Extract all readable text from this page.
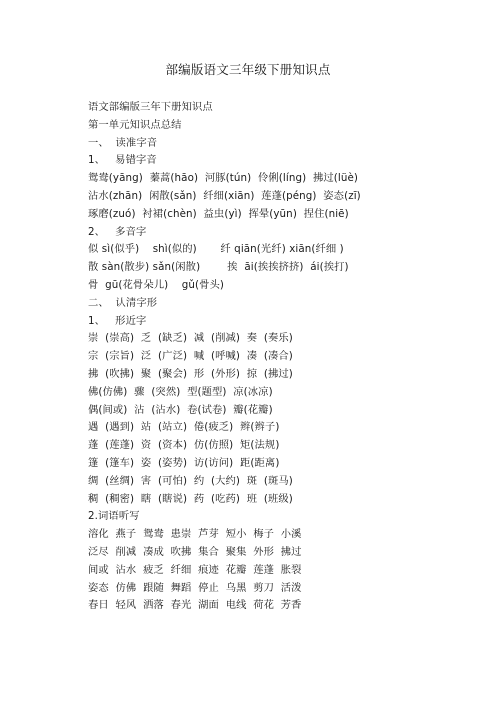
部编版语文三年级下册知识点
语文部编版三年下册知识点
第一单元知识点总结
一、  读准字音
1、   易错字音
鸳鸯(yāng)  蓁蒿(hāo)  河豚(tún)  伶俐(líng)  拂过(lüè)
沾水(zhān)  闲散(sǎn)  纤细(xiān)  莲蓬(péng)  姿态(zī)
琢磨(zuó)  衬裙(chèn)  益虫(yì)  挥晕(yūn)  捏住(niē)
2、   多音字
似 sì(似乎)    shì(似的)       纤 qiān(光纤) xiān(纤细 )
散 sàn(散步) sǎn(闲散)        挨  āi(挨挨挤挤)  ái(挨打)
骨  gū(花骨朵儿)    gǔ(骨头)
二、  认清字形
1、   形近字
崇  (崇高)  乏  (缺乏)  减  (削减)  奏  (奏乐)
宗  (宗旨)  泛  (广泛)  喊  (呼喊)  凑  (凑合)
拂  (吹拂)  聚  (聚会)  形  (外形)  掠  (拂过)
佛(仿佛)  骤  (突然)  型(题型)  凉(冰凉)
偶(间或)  沾  (沾水)  卷(试卷)  瓣(花瓣)
遇  (遇到)  站  (站立)  倦(疲乏)  辫(辫子)
蓬  (莲蓬)  资  (资本)  仿(仿照)  矩(法规)
篷  (篷车)  姿  (姿势)  访(访问)  距(距离)
绸  (丝绸)  害  (可怕)  约  (大约)  斑  (斑马)
稠  (稠密)  瞎  (瞎说)  药  (吃药)  班  (班级)
2.词语听写
溶化  燕子  鸳鸯  患崇  芦芽  短小  梅子  小溪
泛尽  削减  凑成  吹拂  集合  聚集  外形  拂过
间或  沾水  疲乏  纤细  痕迹  花瓣  莲蓬  胀裂
姿态  仿佛  跟随  舞蹈  停止  乌黑  剪刀  活泼
春日  轻风  洒落  春光  湖面  电线  荷花  芳香
